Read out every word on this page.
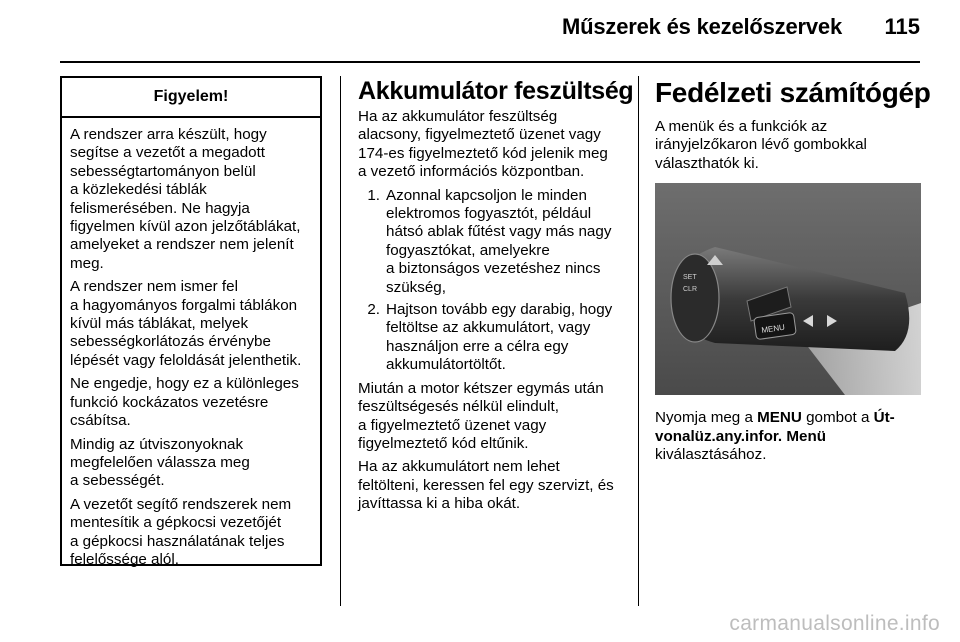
Műszerek és kezelőszervek 115
Figyelem!

A rendszer arra készült, hogy
segítse a vezetőt a megadott
sebességtartományon belül
a közlekedési táblák
felismerésében. Ne hagyja
figyelmen kívül azon jelzőtáblákat,
amelyeket a rendszer nem jelenít
meg.

A rendszer nem ismer fel
a hagyományos forgalmi táblákon
kívül más táblákat, melyek
sebességkorlátozás érvénybe
lépését vagy feloldását jelenthetik.

Ne engedje, hogy ez a különleges
funkció kockázatos vezetésre
csábítsa.

Mindig az útviszonyoknak
megfelelően válassza meg
a sebességét.

A vezetőt segítő rendszerek nem
mentesítik a gépkocsi vezetőjét
a gépkocsi használatának teljes
felelőssége alól.

Akkumulátor feszültség

Ha az akkumulátor feszültség
alacsony, figyelmeztető üzenet vagy
174-es figyelmeztető kód jelenik meg
a vezető információs központban.

1. Azonnal kapcsoljon le minden
elektromos fogyasztót, például
hátsó ablak fűtést vagy más nagy
fogyasztókat, amelyekre
a biztonságos vezetéshez nincs
szükség,
2. Hajtson tovább egy darabig, hogy
feltöltse az akkumulátort, vagy
használjon erre a célra egy
akkumulátortöltőt.

Miután a motor kétszer egymás után
feszültségesés nélkül elindult,
a figyelmeztető üzenet vagy
figyelmeztető kód eltűnik.

Ha az akkumulátort nem lehet
feltölteni, keressen fel egy szervizt, és
javíttassa ki a hiba okát.

Fedélzeti számítógép

A menük és a funkciók az
irányjelzőkaron lévő gombokkal
választhatók ki.

MENU
SET
CLR
Nyomja meg a MENU gombot a Út-vonalüz.any.infor. Menü kiválasztásához.
carmanualsonline.info
